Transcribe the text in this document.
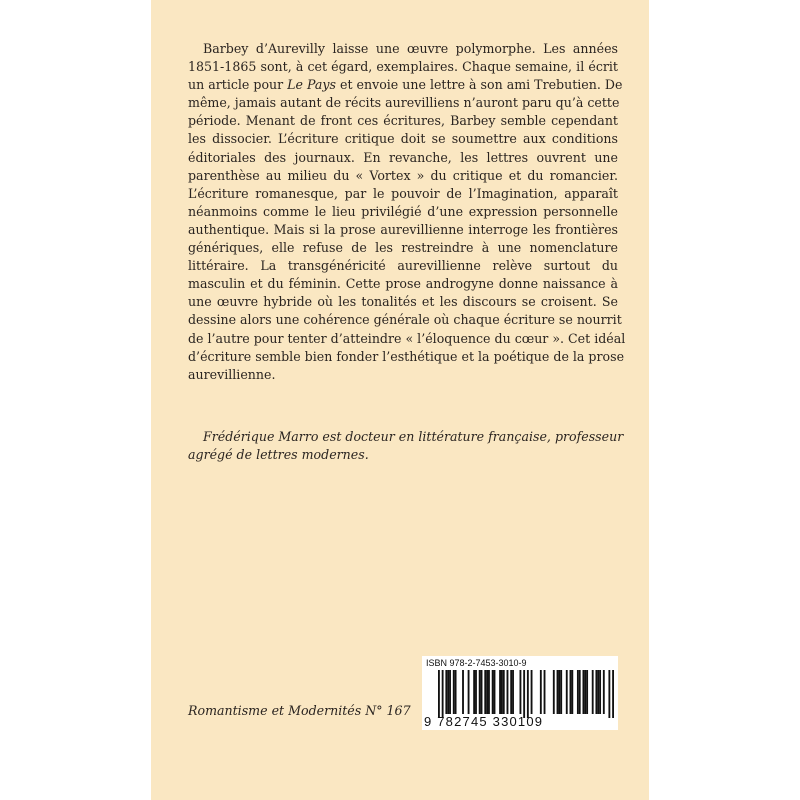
Barbey d’Aurevilly laisse une œuvre polymorphe. Les années
1851-1865 sont, à cet égard, exemplaires. Chaque semaine, il écrit
un article pour Le Pays et envoie une lettre à son ami Trebutien. De
même, jamais autant de récits aurevilliens n’auront paru qu’à cette
période. Menant de front ces écritures, Barbey semble cependant
les dissocier. L’écriture critique doit se soumettre aux conditions
éditoriales des journaux. En revanche, les lettres ouvrent une
parenthèse au milieu du « Vortex » du critique et du romancier.
L’écriture romanesque, par le pouvoir de l’Imagination, apparaît
néanmoins comme le lieu privilégié d’une expression personnelle
authentique. Mais si la prose aurevillienne interroge les frontières
génériques, elle refuse de les restreindre à une nomenclature
littéraire. La transgénéricité aurevillienne relève surtout du
masculin et du féminin. Cette prose androgyne donne naissance à
une œuvre hybride où les tonalités et les discours se croisent. Se
dessine alors une cohérence générale où chaque écriture se nourrit
de l’autre pour tenter d’atteindre « l’éloquence du cœur ». Cet idéal
d’écriture semble bien fonder l’esthétique et la poétique de la prose
aurevillienne.
Frédérique Marro est docteur en littérature française, professeur
agrégé de lettres modernes.
Romantisme et Modernités N° 167
ISBN 978-2-7453-3010-9
9 782745 330109
